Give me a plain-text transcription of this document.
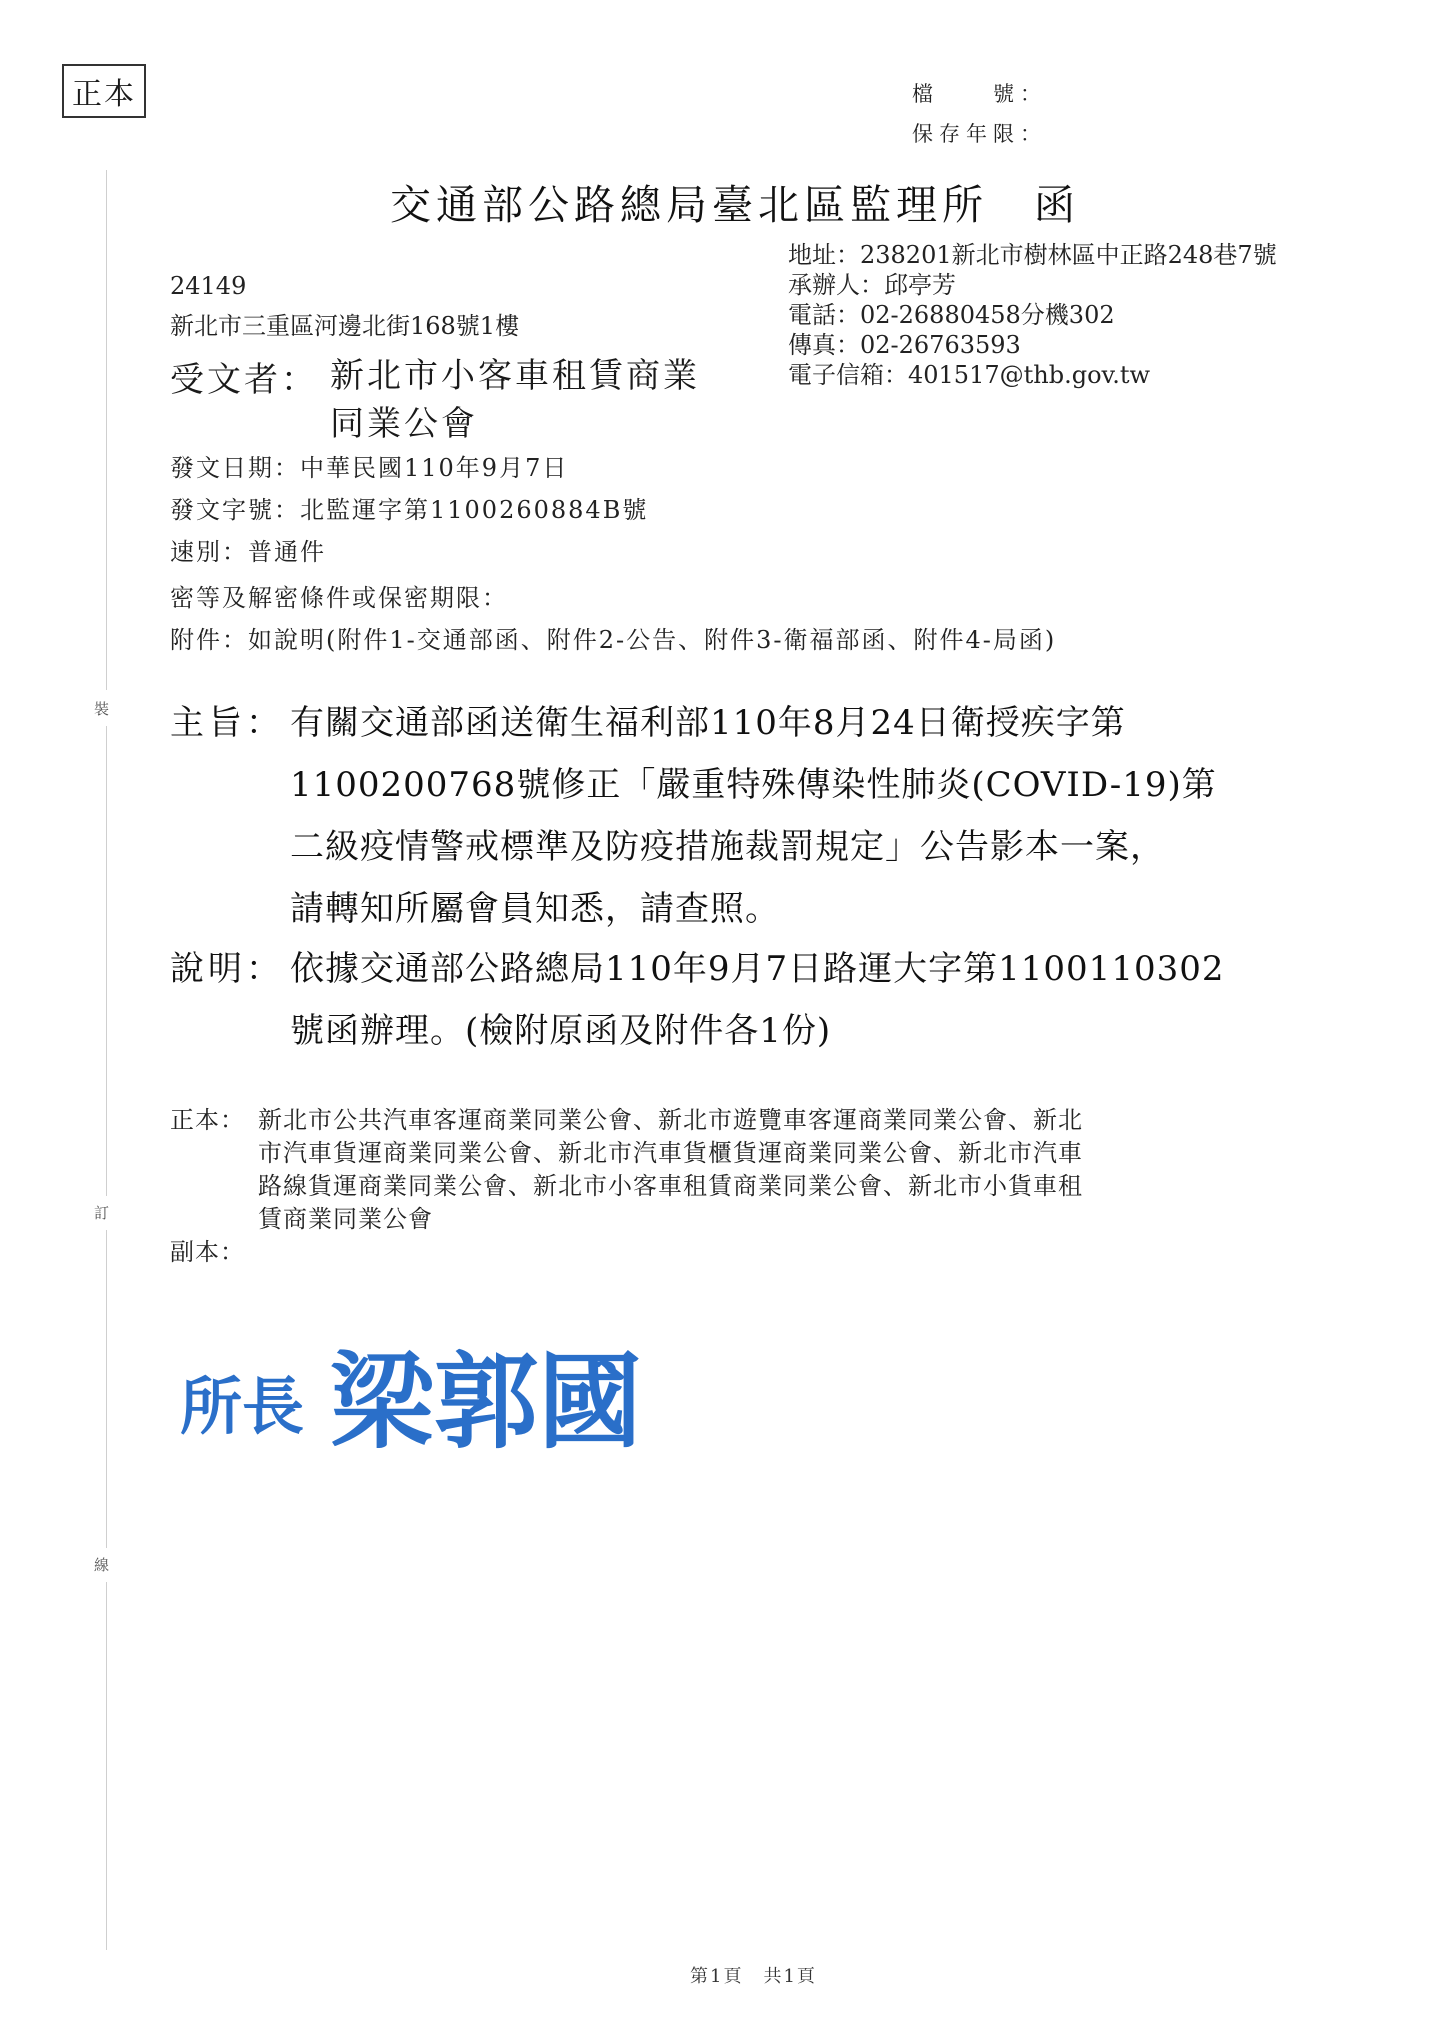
正本	檔　　號：
保存年限：
交通部公路總局臺北區監理所　函
地址：238201新北市樹林區中正路248巷7號
承辦人：邱亭芳
電話：02-26880458分機302
傳真：02-26763593
電子信箱：401517@thb.gov.tw
24149
新北市三重區河邊北街168號1樓
受文者： 新北市小客車租賃商業
同業公會
發文日期：中華民國110年9月7日
發文字號：北監運字第1100260884B號
速別：普通件
密等及解密條件或保密期限：
附件：如說明(附件1-交通部函、附件2-公告、附件3-衛福部函、附件4-局函)
主旨： 有關交通部函送衛生福利部110年8月24日衛授疾字第
1100200768號修正「嚴重特殊傳染性肺炎(COVID-19)第
二級疫情警戒標準及防疫措施裁罰規定」公告影本一案，
請轉知所屬會員知悉，請查照。
說明： 依據交通部公路總局110年9月7日路運大字第1100110302
號函辦理。(檢附原函及附件各1份)
正本： 新北市公共汽車客運商業同業公會、新北市遊覽車客運商業同業公會、新北
市汽車貨運商業同業公會、新北市汽車貨櫃貨運商業同業公會、新北市汽車
路線貨運商業同業公會、新北市小客車租賃商業同業公會、新北市小貨車租
賃商業同業公會
副本：
裝
訂
線
所長 梁郭國
第1頁　共1頁
